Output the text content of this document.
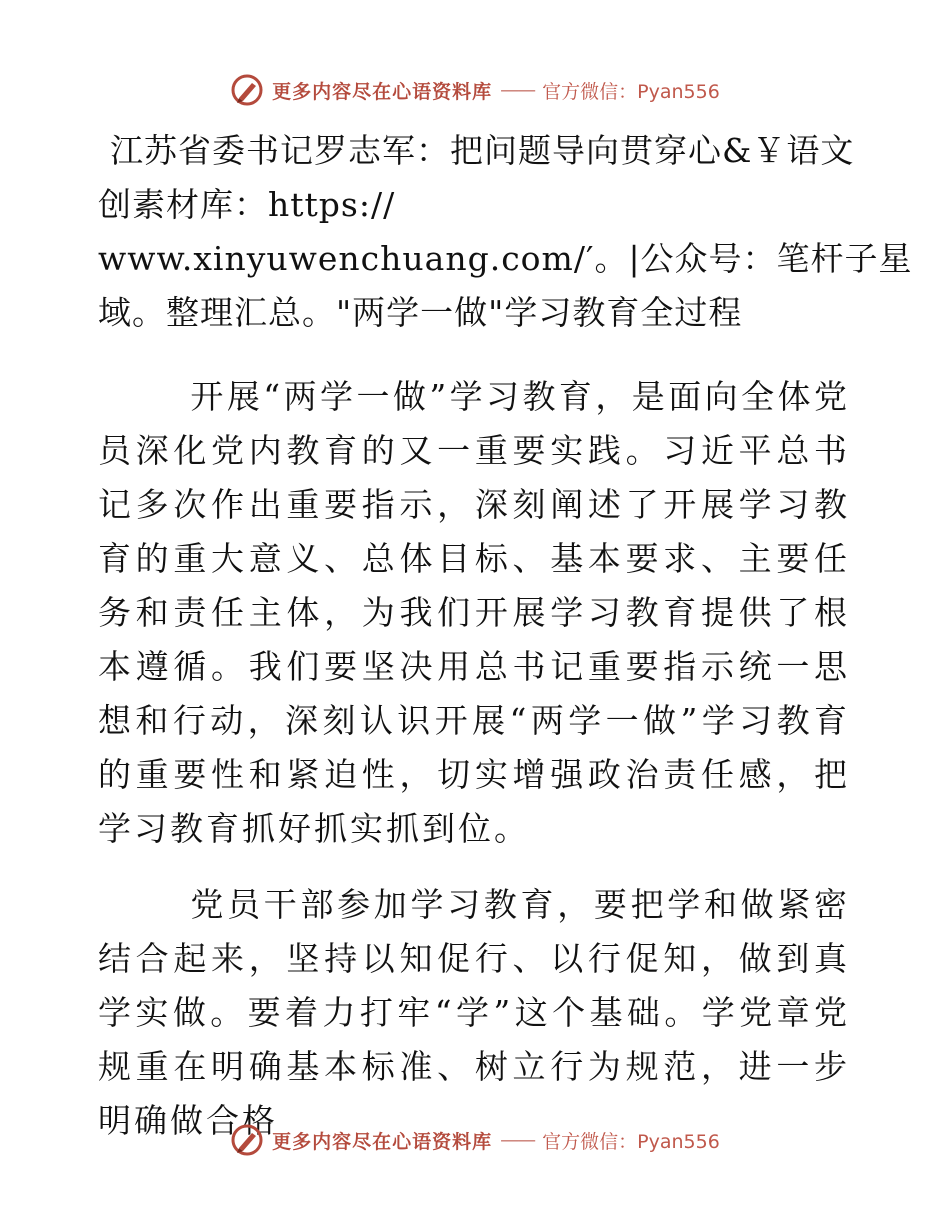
更多内容尽在心语资料库 —— 官方微信：Pyan556
江苏省委书记罗志军：把问题导向贯穿心&￥语文
创素材库：https://
www.xinyuwenchuang.com/′。|公众号：笔杆子星
域。整理汇总。"两学一做"学习教育全过程

开展“两学一做”学习教育，是面向全体党员深化党内教育的又一重要实践。习近平总书记多次作出重要指示，深刻阐述了开展学习教育的重大意义、总体目标、基本要求、主要任务和责任主体，为我们开展学习教育提供了根本遵循。我们要坚决用总书记重要指示统一思想和行动，深刻认识开展“两学一做”学习教育的重要性和紧迫性，切实增强政治责任感，把学习教育抓好抓实抓到位。

党员干部参加学习教育，要把学和做紧密结合起来，坚持以知促行、以行促知，做到真学实做。要着力打牢“学”这个基础。学党章党规重在明确基本标准、树立行为规范，进一步明确做合格

更多内容尽在心语资料库 —— 官方微信：Pyan556
